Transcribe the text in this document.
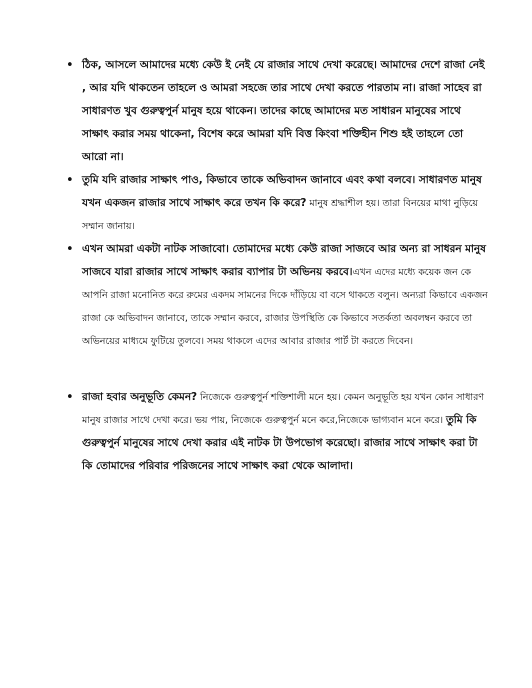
• ঠিক, আসলে আমাদের মধ্যে কেউ ই নেই যে রাজার সাথে দেখা করেছে। আমাদের দেশে রাজা নেই , আর যদি থাকতেন তাহলে ও আমরা সহজে তার সাথে দেখা করতে পারতাম না। রাজা সাহেব রা সাধারণত খুব গুরুত্বপুর্ন মানুষ হয়ে থাকেন। তাদের কাছে আমাদের মত সাধারন মানুষের সাথে সাক্ষাৎ করার সময় থাকেনা, বিশেষ করে আমরা যদি বিত্ত কিংবা শক্তিহীন শিশু হই তাহলে তো আরো না।
• তুমি যদি রাজার সাক্ষাৎ পাও, কিভাবে তাকে অভিবাদন জানাবে এবং কথা বলবে। সাধারণত মানুষ যখন একজন রাজার সাথে সাক্ষাৎ করে তখন কি করে? মানুষ শ্রদ্ধাশীল হয়। তারা বিনয়ের মাথা নুড়িয়ে সম্মান জানায়।
• এখন আমরা একটা নাটক সাজাবো। তোমাদের মধ্যে কেউ রাজা সাজবে আর অন্য রা সাধরন মানুষ সাজবে যারা রাজার সাথে সাক্ষাৎ করার ব্যাপার টা অভিনয় করবে।এখন এদের মধ্যে কয়েক জন কে আপনি রাজা মনোনিত করে রুমের একদম সামনের দিকে দাঁড়িয়ে বা বসে থাকতে বলুন। অন্যরা কিভাবে একজন রাজা কে অভিবাদন জানাবে, তাকে সম্মান করবে, রাজার উপস্থিতি কে কিভাবে সতর্কতা অবলম্বন করবে তা অভিনয়ের মাধ্যমে ফুটিয়ে তুলবে। সময় থাকলে এদের আবার রাজার পার্ট টা করতে দিবেন।
• রাজা হবার অনুভূতি কেমন? নিজেকে গুরুত্বপুর্ন শক্তিশালী মনে হয়। কেমন অনুভূতি হয় যখন কোন সাধারণ মানুষ রাজার সাথে দেখা করে। ভয় পায়, নিজেকে গুরুত্বপুর্ন মনে করে,নিজেকে ভাগ্যবান মনে করে। তুমি কি গুরুত্বপুর্ন মানুষের সাথে দেখা করার এই নাটক টা উপভোগ করেছো। রাজার সাথে সাক্ষাৎ করা টা কি তোমাদের পরিবার পরিজনের সাথে সাক্ষাৎ করা থেকে আলাদা।
